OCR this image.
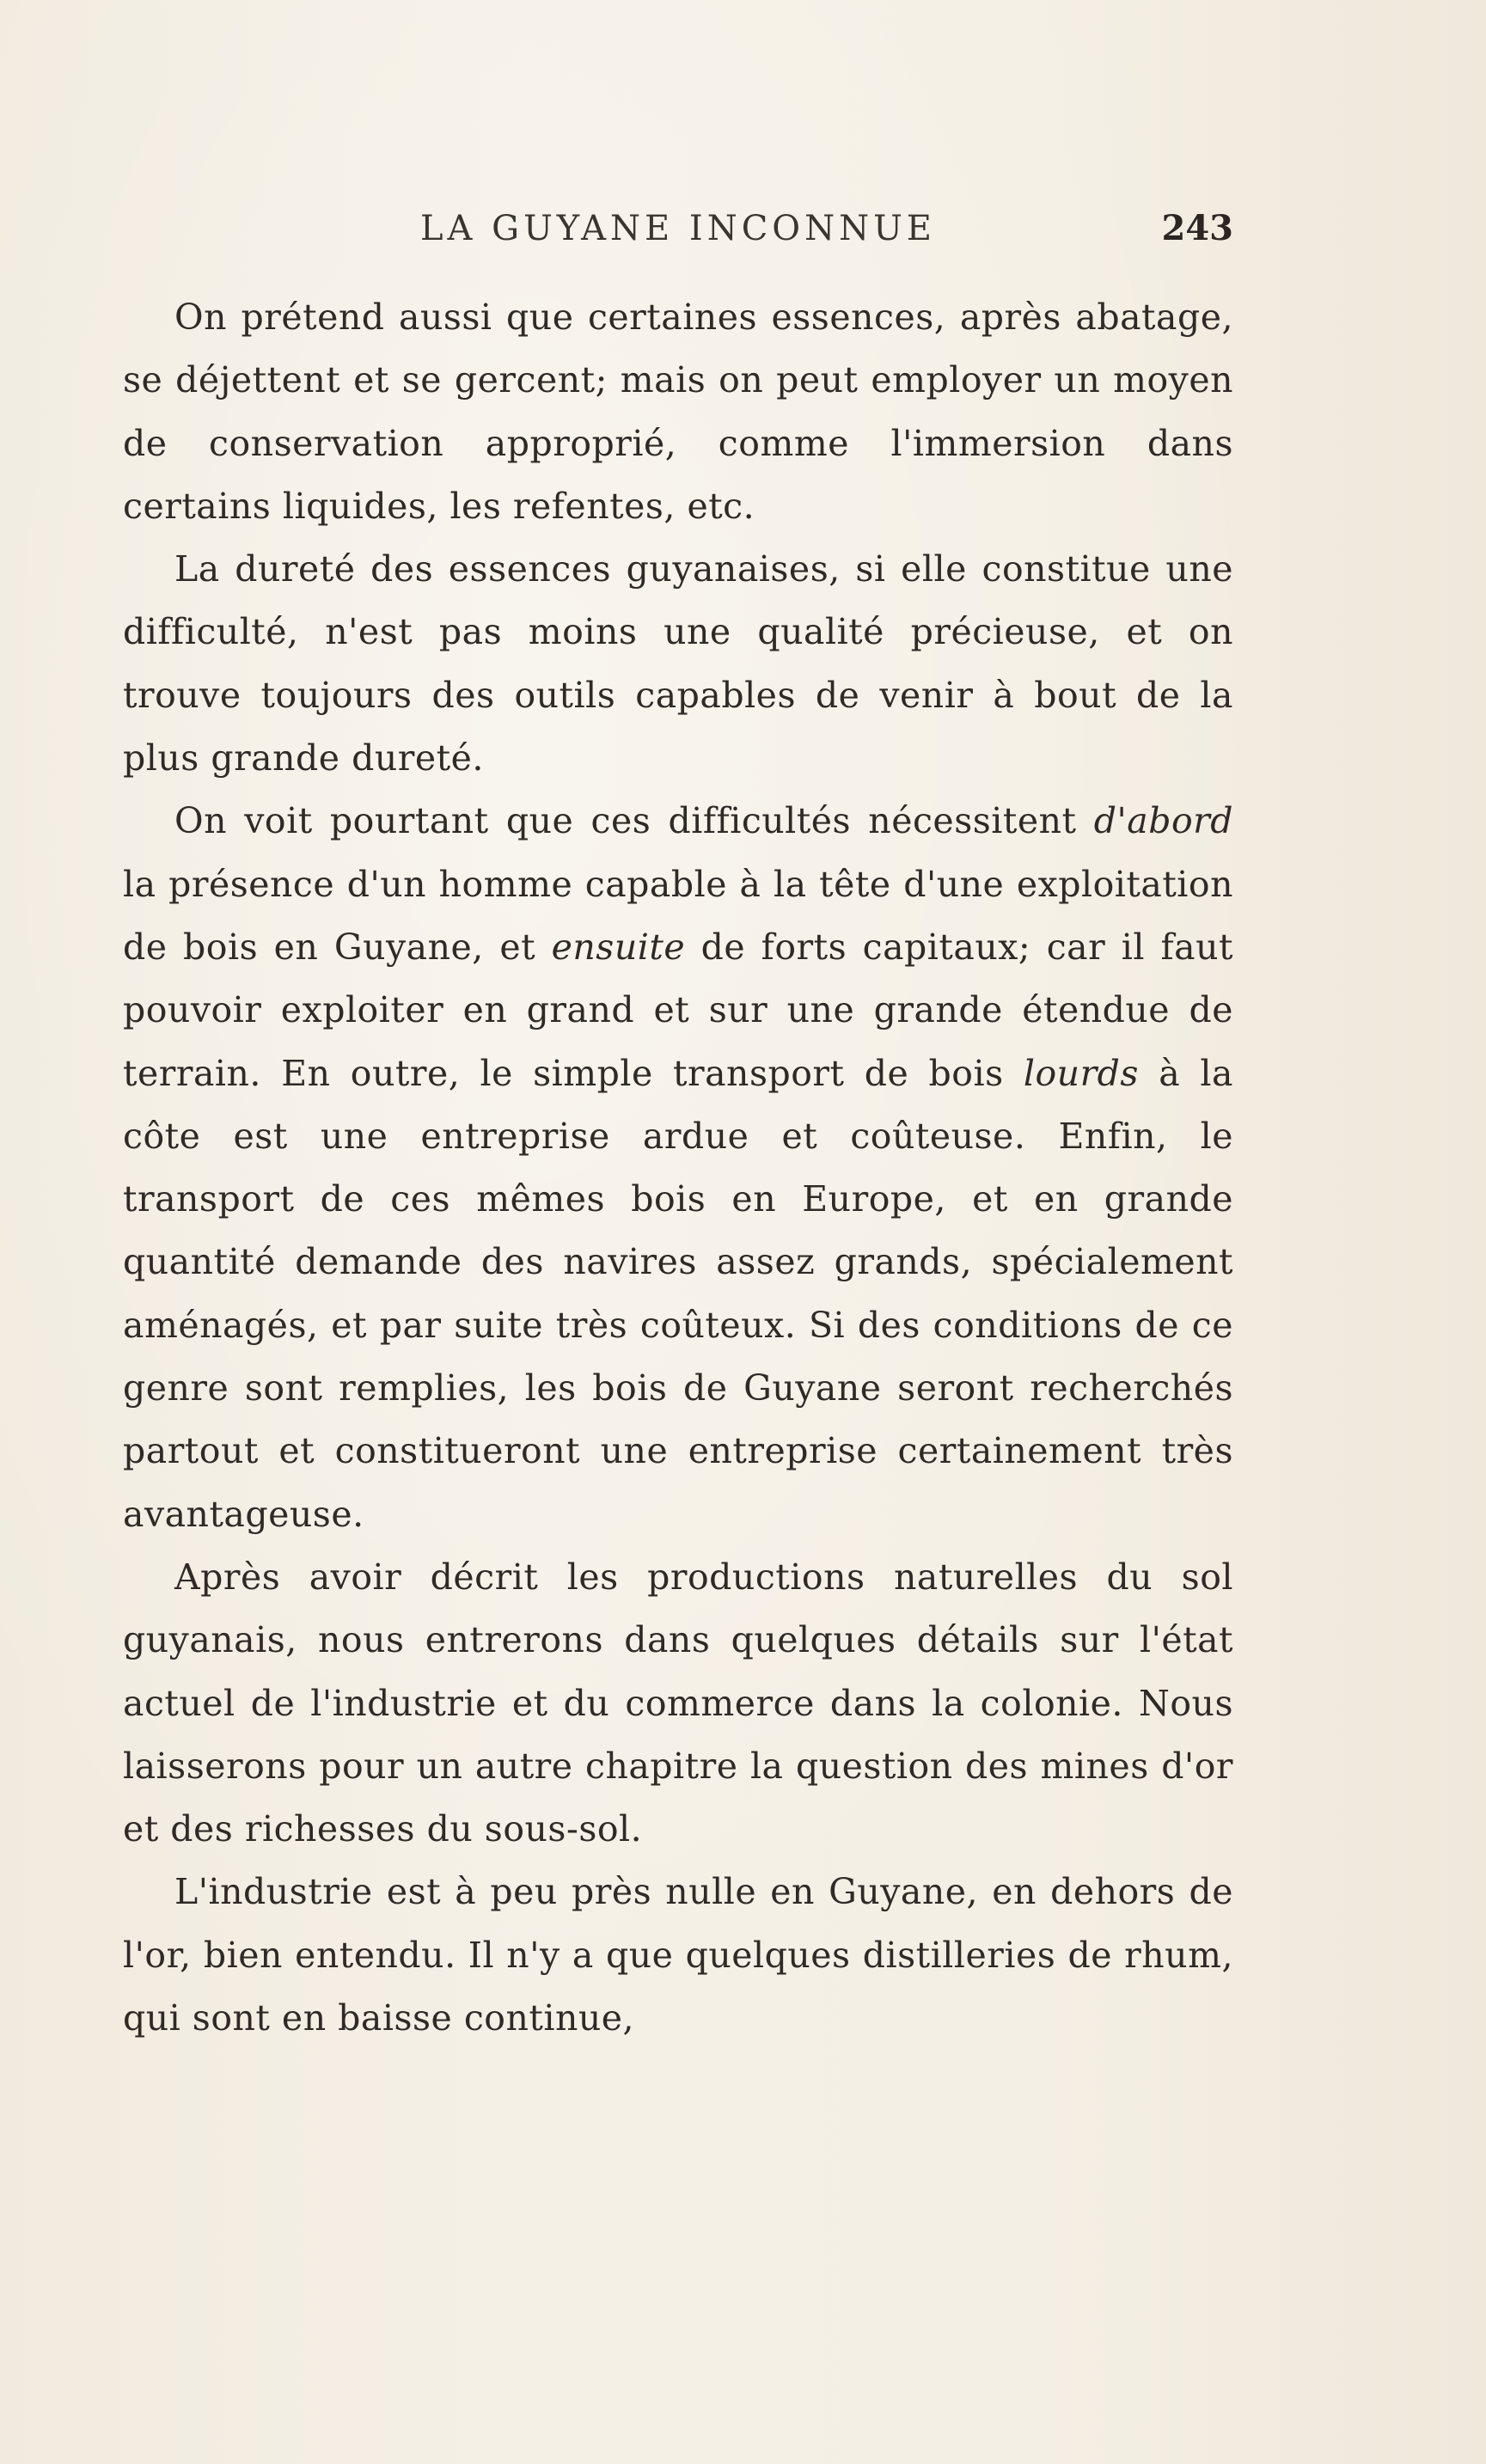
LA GUYANE INCONNUE	243

On prétend aussi que certaines essences, après abatage, se déjettent et se gercent; mais on peut employer un moyen de conservation approprié, comme l'immersion dans certains liquides, les refentes, etc.

La dureté des essences guyanaises, si elle constitue une difficulté, n'est pas moins une qualité précieuse, et on trouve toujours des outils capables de venir à bout de la plus grande dureté.

On voit pourtant que ces difficultés nécessitent d'abord la présence d'un homme capable à la tête d'une exploitation de bois en Guyane, et ensuite de forts capitaux; car il faut pouvoir exploiter en grand et sur une grande étendue de terrain. En outre, le simple transport de bois lourds à la côte est une entreprise ardue et coûteuse. Enfin, le transport de ces mêmes bois en Europe, et en grande quantité demande des navires assez grands, spécialement aménagés, et par suite très coûteux. Si des conditions de ce genre sont remplies, les bois de Guyane seront recherchés partout et constitueront une entreprise certainement très avantageuse.

Après avoir décrit les productions naturelles du sol guyanais, nous entrerons dans quelques détails sur l'état actuel de l'industrie et du commerce dans la colonie. Nous laisserons pour un autre chapitre la question des mines d'or et des richesses du sous-sol.

L'industrie est à peu près nulle en Guyane, en dehors de l'or, bien entendu. Il n'y a que quelques distilleries de rhum, qui sont en baisse continue,
